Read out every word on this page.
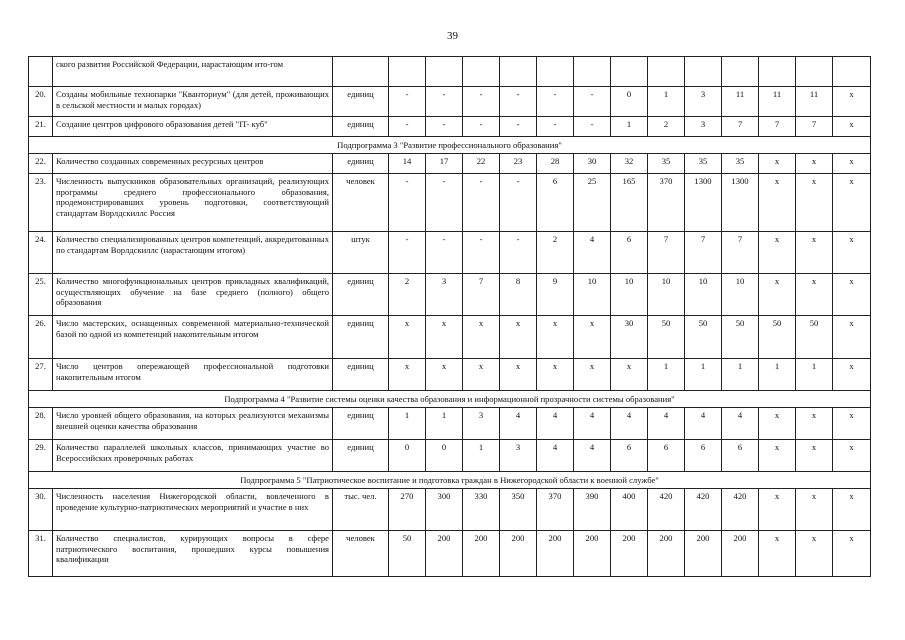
39
	ского развития Российской Федерации, нарастающим ито-гом														
20.	Созданы мобильные технопарки "Кванториум" (для детей, проживающих в сельской местности и малых городах)	единиц	-	-	-	-	-	-	0	1	3	11	11	11	x
21.	Создание центров цифрового образования детей "IT- куб"	единиц	-	-	-	-	-	-	1	2	3	7	7	7	x
Подпрограмма 3 "Развитие профессионального образования"															
22.	Количество созданных современных ресурсных центров	единиц	14	17	22	23	28	30	32	35	35	35	x	x	x
23.	Численность выпускников образовательных организаций, реализующих программы среднего профессионального образования, продемонстрировавших уровень подготовки, соответствующий стандартам Ворлдскиллс Россия	человек	-	-	-	-	6	25	165	370	1300	1300	x	x	x
24.	Количество специализированных центров компетенций, аккредитованных по стандартам Ворлдскиллс (нарастающим итогом)	штук	-	-	-	-	2	4	6	7	7	7	x	x	x
25.	Количество многофункциональных центров прикладных квалификаций, осуществляющих обучение на базе среднего (полного) общего образования	единиц	2	3	7	8	9	10	10	10	10	10	x	x	x
26.	Число мастерских, оснащенных современной материально-технической базой по одной из компетенций накопительным итогом	единиц	x	x	x	x	x	x	30	50	50	50	50	50	x
27.	Число центров опережающей профессиональной подготовки накопительным итогом	единиц	x	x	x	x	x	x	x	1	1	1	1	1	x
Подпрограмма 4 "Развитие системы оценки качества образования и информационной прозрачности системы образования"															
28.	Число уровней общего образования, на которых реализуются механизмы внешней оценки качества образования	единиц	1	1	3	4	4	4	4	4	4	4	x	x	x
29.	Количество параллелей школьных классов, принимающих участие во Всероссийских проверочных работах	единиц	0	0	1	3	4	4	6	6	6	6	x	x	x
Подпрограмма 5 "Патриотическое воспитание и подготовка граждан в Нижегородской области к военной службе"															
30.	Численность населения Нижегородской области, вовлеченного в проведение культурно-патриотических мероприятий и участие в них	тыс. чел.	270	300	330	350	370	390	400	420	420	420	x	x	x
31.	Количество специалистов, курирующих вопросы в сфере патриотического воспитания, прошедших курсы повышения квалификации	человек	50	200	200	200	200	200	200	200	200	200	x	x	x
